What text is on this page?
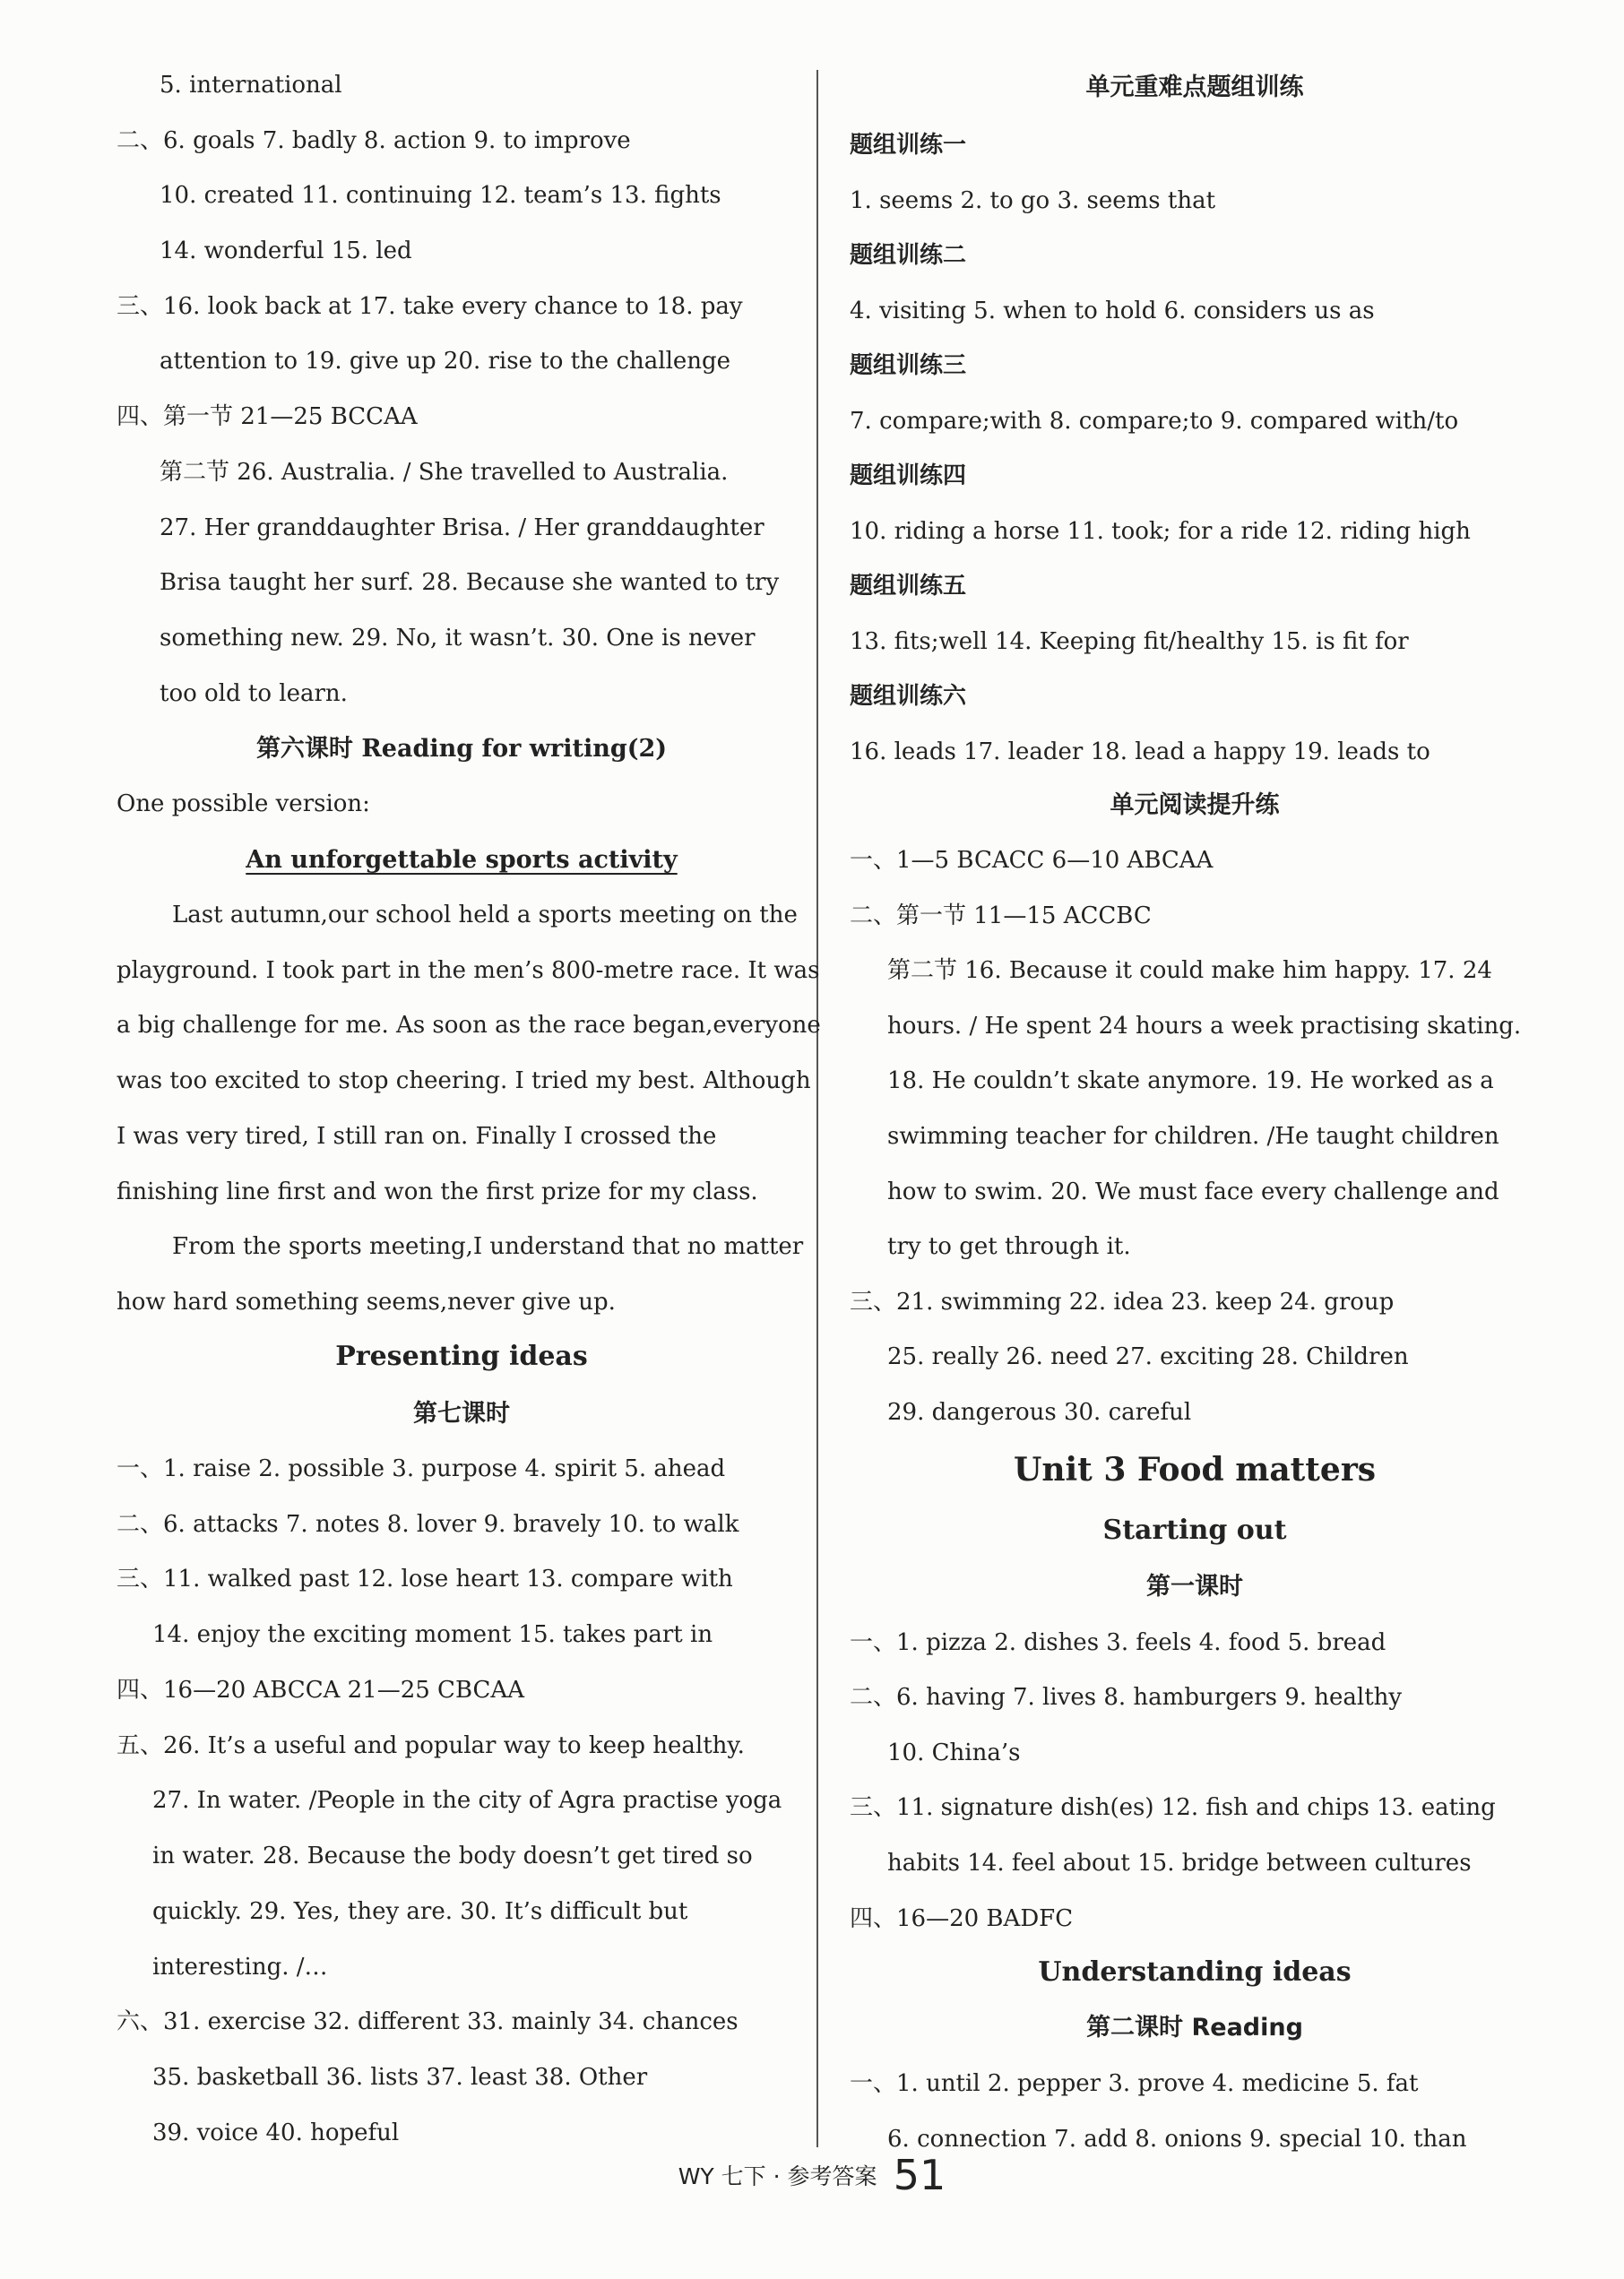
5. international
二、6. goals 7. badly 8. action 9. to improve
10. created 11. continuing 12. team’s 13. fights
14. wonderful 15. led
三、16. look back at 17. take every chance to 18. pay
attention to 19. give up 20. rise to the challenge
四、第一节 21—25 BCCAA
第二节 26. Australia. / She travelled to Australia.
27. Her granddaughter Brisa. / Her granddaughter
Brisa taught her surf. 28. Because she wanted to try
something new. 29. No, it wasn’t. 30. One is never
too old to learn.
第六课时 Reading for writing(2)
One possible version:
An unforgettable sports activity
Last autumn,our school held a sports meeting on the
playground. I took part in the men’s 800-metre race. It was
a big challenge for me. As soon as the race began,everyone
was too excited to stop cheering. I tried my best. Although
I was very tired, I still ran on. Finally I crossed the
finishing line first and won the first prize for my class.
From the sports meeting,I understand that no matter
how hard something seems,never give up.
Presenting ideas
第七课时
一、1. raise 2. possible 3. purpose 4. spirit 5. ahead
二、6. attacks 7. notes 8. lover 9. bravely 10. to walk
三、11. walked past 12. lose heart 13. compare with
14. enjoy the exciting moment 15. takes part in
四、16—20 ABCCA 21—25 CBCAA
五、26. It’s a useful and popular way to keep healthy.
27. In water. /People in the city of Agra practise yoga
in water. 28. Because the body doesn’t get tired so
quickly. 29. Yes, they are. 30. It’s difficult but
interesting. /…
六、31. exercise 32. different 33. mainly 34. chances
35. basketball 36. lists 37. least 38. Other
39. voice 40. hopeful
单元重难点题组训练
题组训练一
1. seems 2. to go 3. seems that
题组训练二
4. visiting 5. when to hold 6. considers us as
题组训练三
7. compare;with 8. compare;to 9. compared with/to
题组训练四
10. riding a horse 11. took; for a ride 12. riding high
题组训练五
13. fits;well 14. Keeping fit/healthy 15. is fit for
题组训练六
16. leads 17. leader 18. lead a happy 19. leads to
单元阅读提升练
一、1—5 BCACC 6—10 ABCAA
二、第一节 11—15 ACCBC
第二节 16. Because it could make him happy. 17. 24
hours. / He spent 24 hours a week practising skating.
18. He couldn’t skate anymore. 19. He worked as a
swimming teacher for children. /He taught children
how to swim. 20. We must face every challenge and
try to get through it.
三、21. swimming 22. idea 23. keep 24. group
25. really 26. need 27. exciting 28. Children
29. dangerous 30. careful
Unit 3 Food matters
Starting out
第一课时
一、1. pizza 2. dishes 3. feels 4. food 5. bread
二、6. having 7. lives 8. hamburgers 9. healthy
10. China’s
三、11. signature dish(es) 12. fish and chips 13. eating
habits 14. feel about 15. bridge between cultures
四、16—20 BADFC
Understanding ideas
第二课时 Reading
一、1. until 2. pepper 3. prove 4. medicine 5. fat
6. connection 7. add 8. onions 9. special 10. than
WY 七下 · 参考答案 51
